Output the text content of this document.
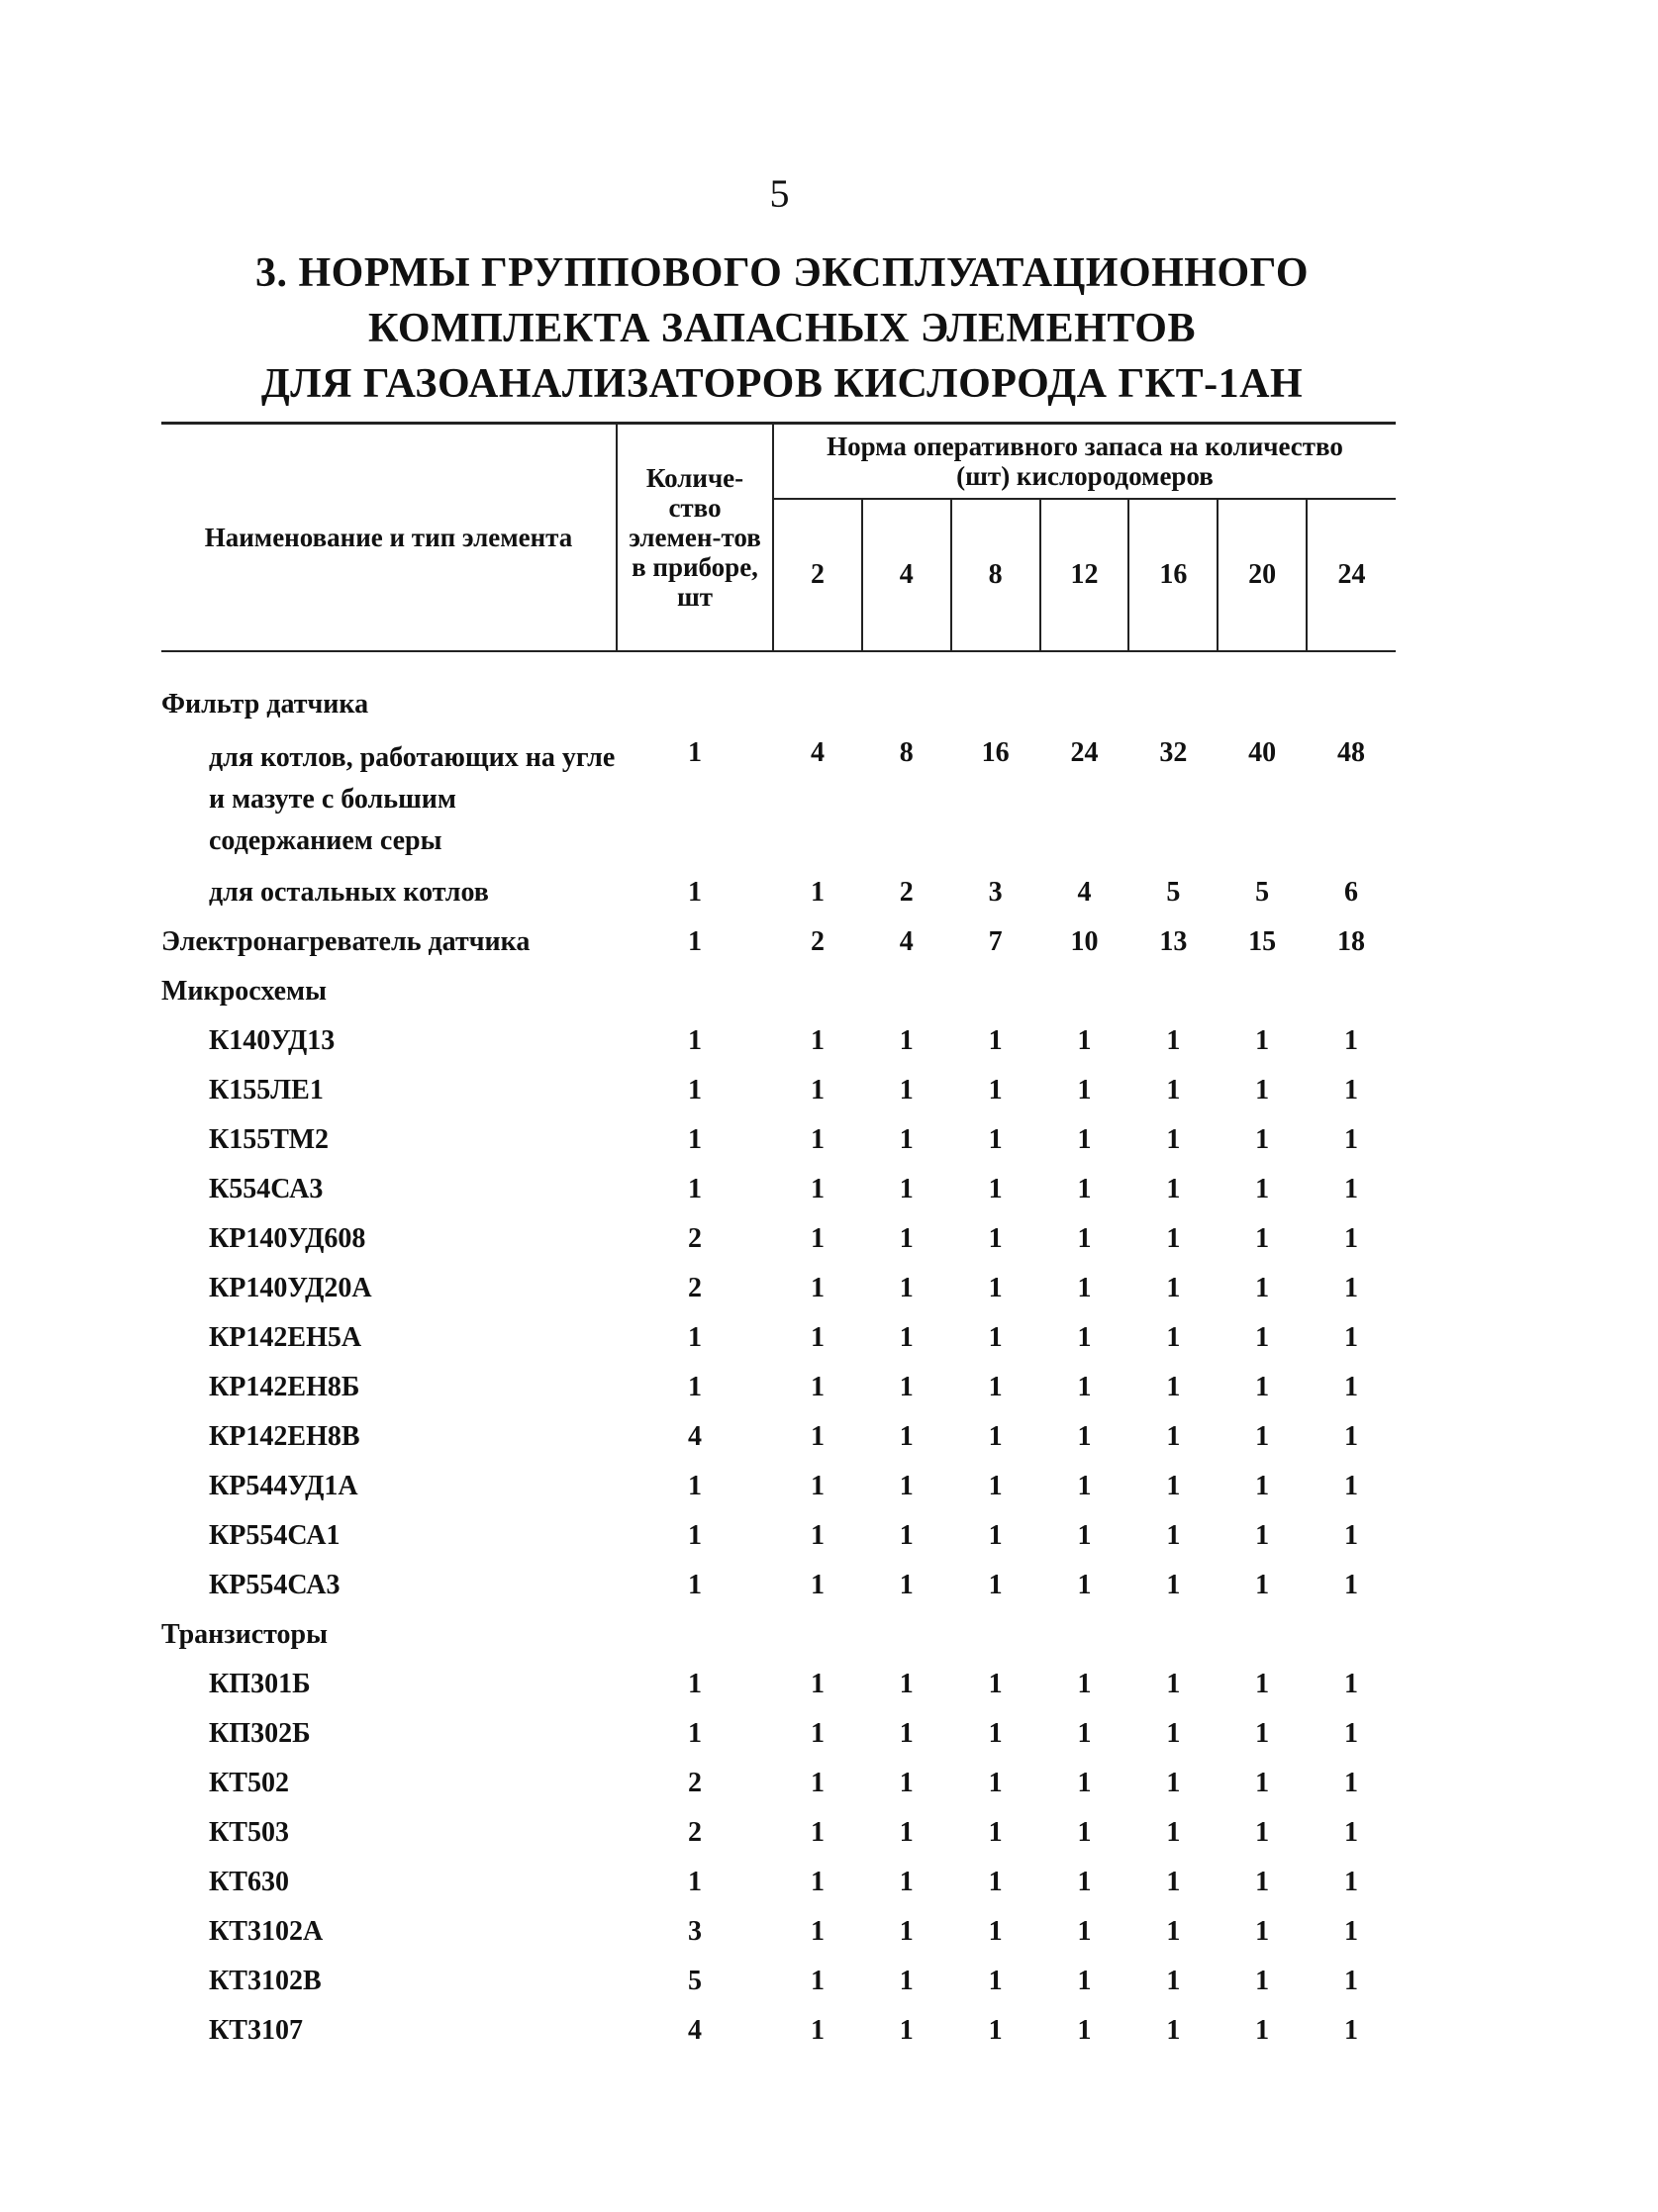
5
3. НОРМЫ ГРУППОВОГО ЭКСПЛУАТАЦИОННОГО
КОМПЛЕКТА ЗАПАСНЫХ ЭЛЕМЕНТОВ
ДЛЯ ГАЗОАНАЛИЗАТОРОВ КИСЛОРОДА ГКТ-1АН
Наименование и тип элемента	Количе-ство элемен-тов в приборе, шт	Норма оперативного запаса на количество (шт) кислородомеров						
		2	4	8	12	16	20	24
Фильтр датчика								
для котлов, работающих на угле и мазуте с большим содержанием серы	1	4	8	16	24	32	40	48
для остальных котлов	1	1	2	3	4	5	5	6
Электронагреватель датчика	1	2	4	7	10	13	15	18
Микросхемы								
К140УД13	1	1	1	1	1	1	1	1
К155ЛЕ1	1	1	1	1	1	1	1	1
К155ТМ2	1	1	1	1	1	1	1	1
К554СА3	1	1	1	1	1	1	1	1
КР140УД608	2	1	1	1	1	1	1	1
КР140УД20А	2	1	1	1	1	1	1	1
КР142ЕН5А	1	1	1	1	1	1	1	1
КР142ЕН8Б	1	1	1	1	1	1	1	1
КР142ЕН8В	4	1	1	1	1	1	1	1
КР544УД1А	1	1	1	1	1	1	1	1
КР554СА1	1	1	1	1	1	1	1	1
КР554СА3	1	1	1	1	1	1	1	1
Транзисторы								
КП301Б	1	1	1	1	1	1	1	1
КП302Б	1	1	1	1	1	1	1	1
КТ502	2	1	1	1	1	1	1	1
КТ503	2	1	1	1	1	1	1	1
КТ630	1	1	1	1	1	1	1	1
КТ3102А	3	1	1	1	1	1	1	1
КТ3102В	5	1	1	1	1	1	1	1
КТ3107	4	1	1	1	1	1	1	1
